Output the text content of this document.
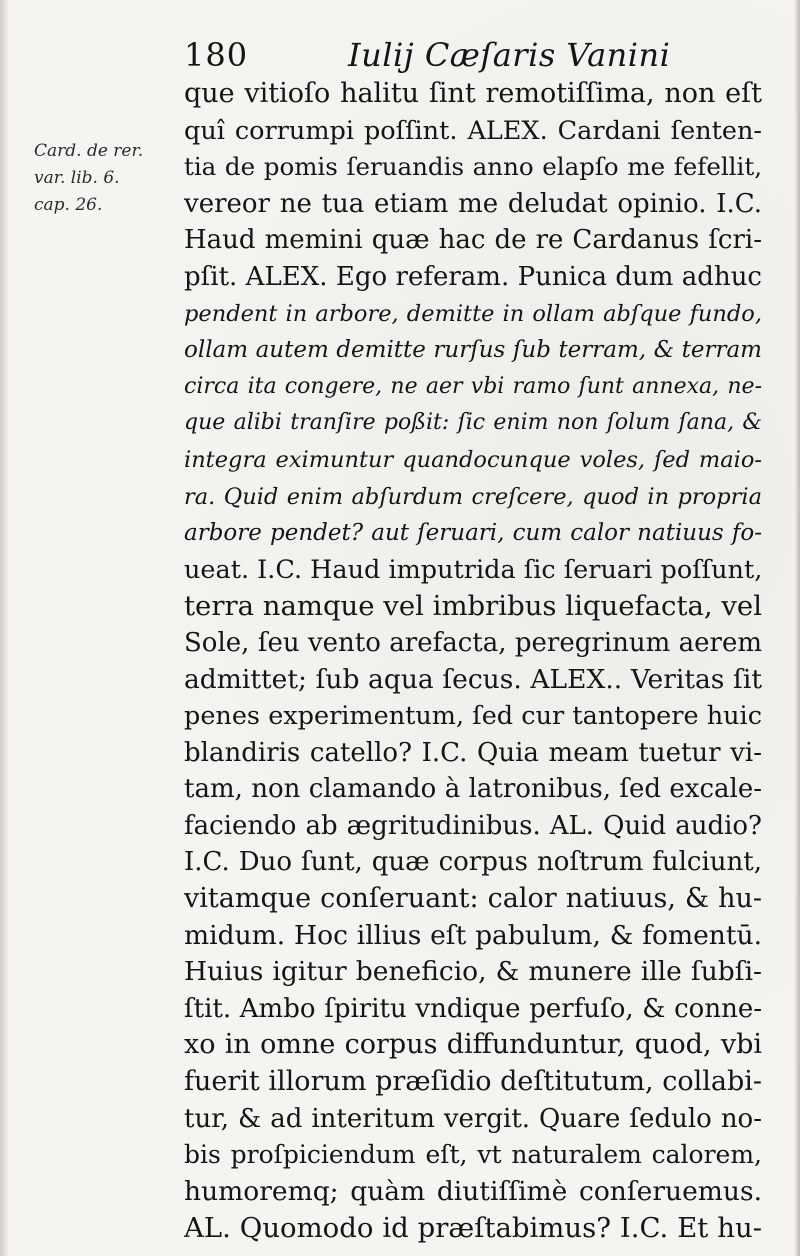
180	Iulij Cæſaris Vanini
Card. de rer.
var. lib. 6.
cap. 26.
que vitioſo halitu ſint remotiſſima, non eſt
quî corrumpi poſſint. ALEX. Cardani ſenten-
tia de pomis ſeruandis anno elapſo me fefellit,
vereor ne tua etiam me deludat opinio. I.C.
Haud memini quæ hac de re Cardanus ſcri-
pſit. ALEX. Ego referam. Punica dum adhuc
pendent in arbore, demitte in ollam abſque fundo,
ollam autem demitte rurſus ſub terram, & terram
circa ita congere, ne aer vbi ramo ſunt annexa, ne-
que alibi tranſire poßit: ſic enim non ſolum ſana, &
integra eximuntur quandocunque voles, ſed maio-
ra. Quid enim abſurdum creſcere, quod in propria
arbore pendet? aut ſeruari, cum calor natiuus fo-
ueat. I.C. Haud imputrida ſic ſeruari poſſunt,
terra namque vel imbribus liquefacta, vel
Sole, ſeu vento arefacta, peregrinum aerem
admittet; ſub aqua ſecus. ALEX.. Veritas ſit
penes experimentum, ſed cur tantopere huic
blandiris catello? I.C. Quia meam tuetur vi-
tam, non clamando à latronibus, ſed excale-
faciendo ab ægritudinibus. AL. Quid audio?
I.C. Duo ſunt, quæ corpus noſtrum fulciunt,
vitamque conſeruant: calor natiuus, & hu-
midum. Hoc illius eſt pabulum, & fomentū.
Huius igitur beneficio, & munere ille ſubſi-
ſtit. Ambo ſpiritu vndique perfuſo, & conne-
xo in omne corpus diffunduntur, quod, vbi
fuerit illorum præſidio deſtitutum, collabi-
tur, & ad interitum vergit. Quare ſedulo no-
bis proſpiciendum eſt, vt naturalem calorem,
humoremq; quàm diutiſſimè conſeruemus.
AL. Quomodo id præſtabimus? I.C. Et hu-
